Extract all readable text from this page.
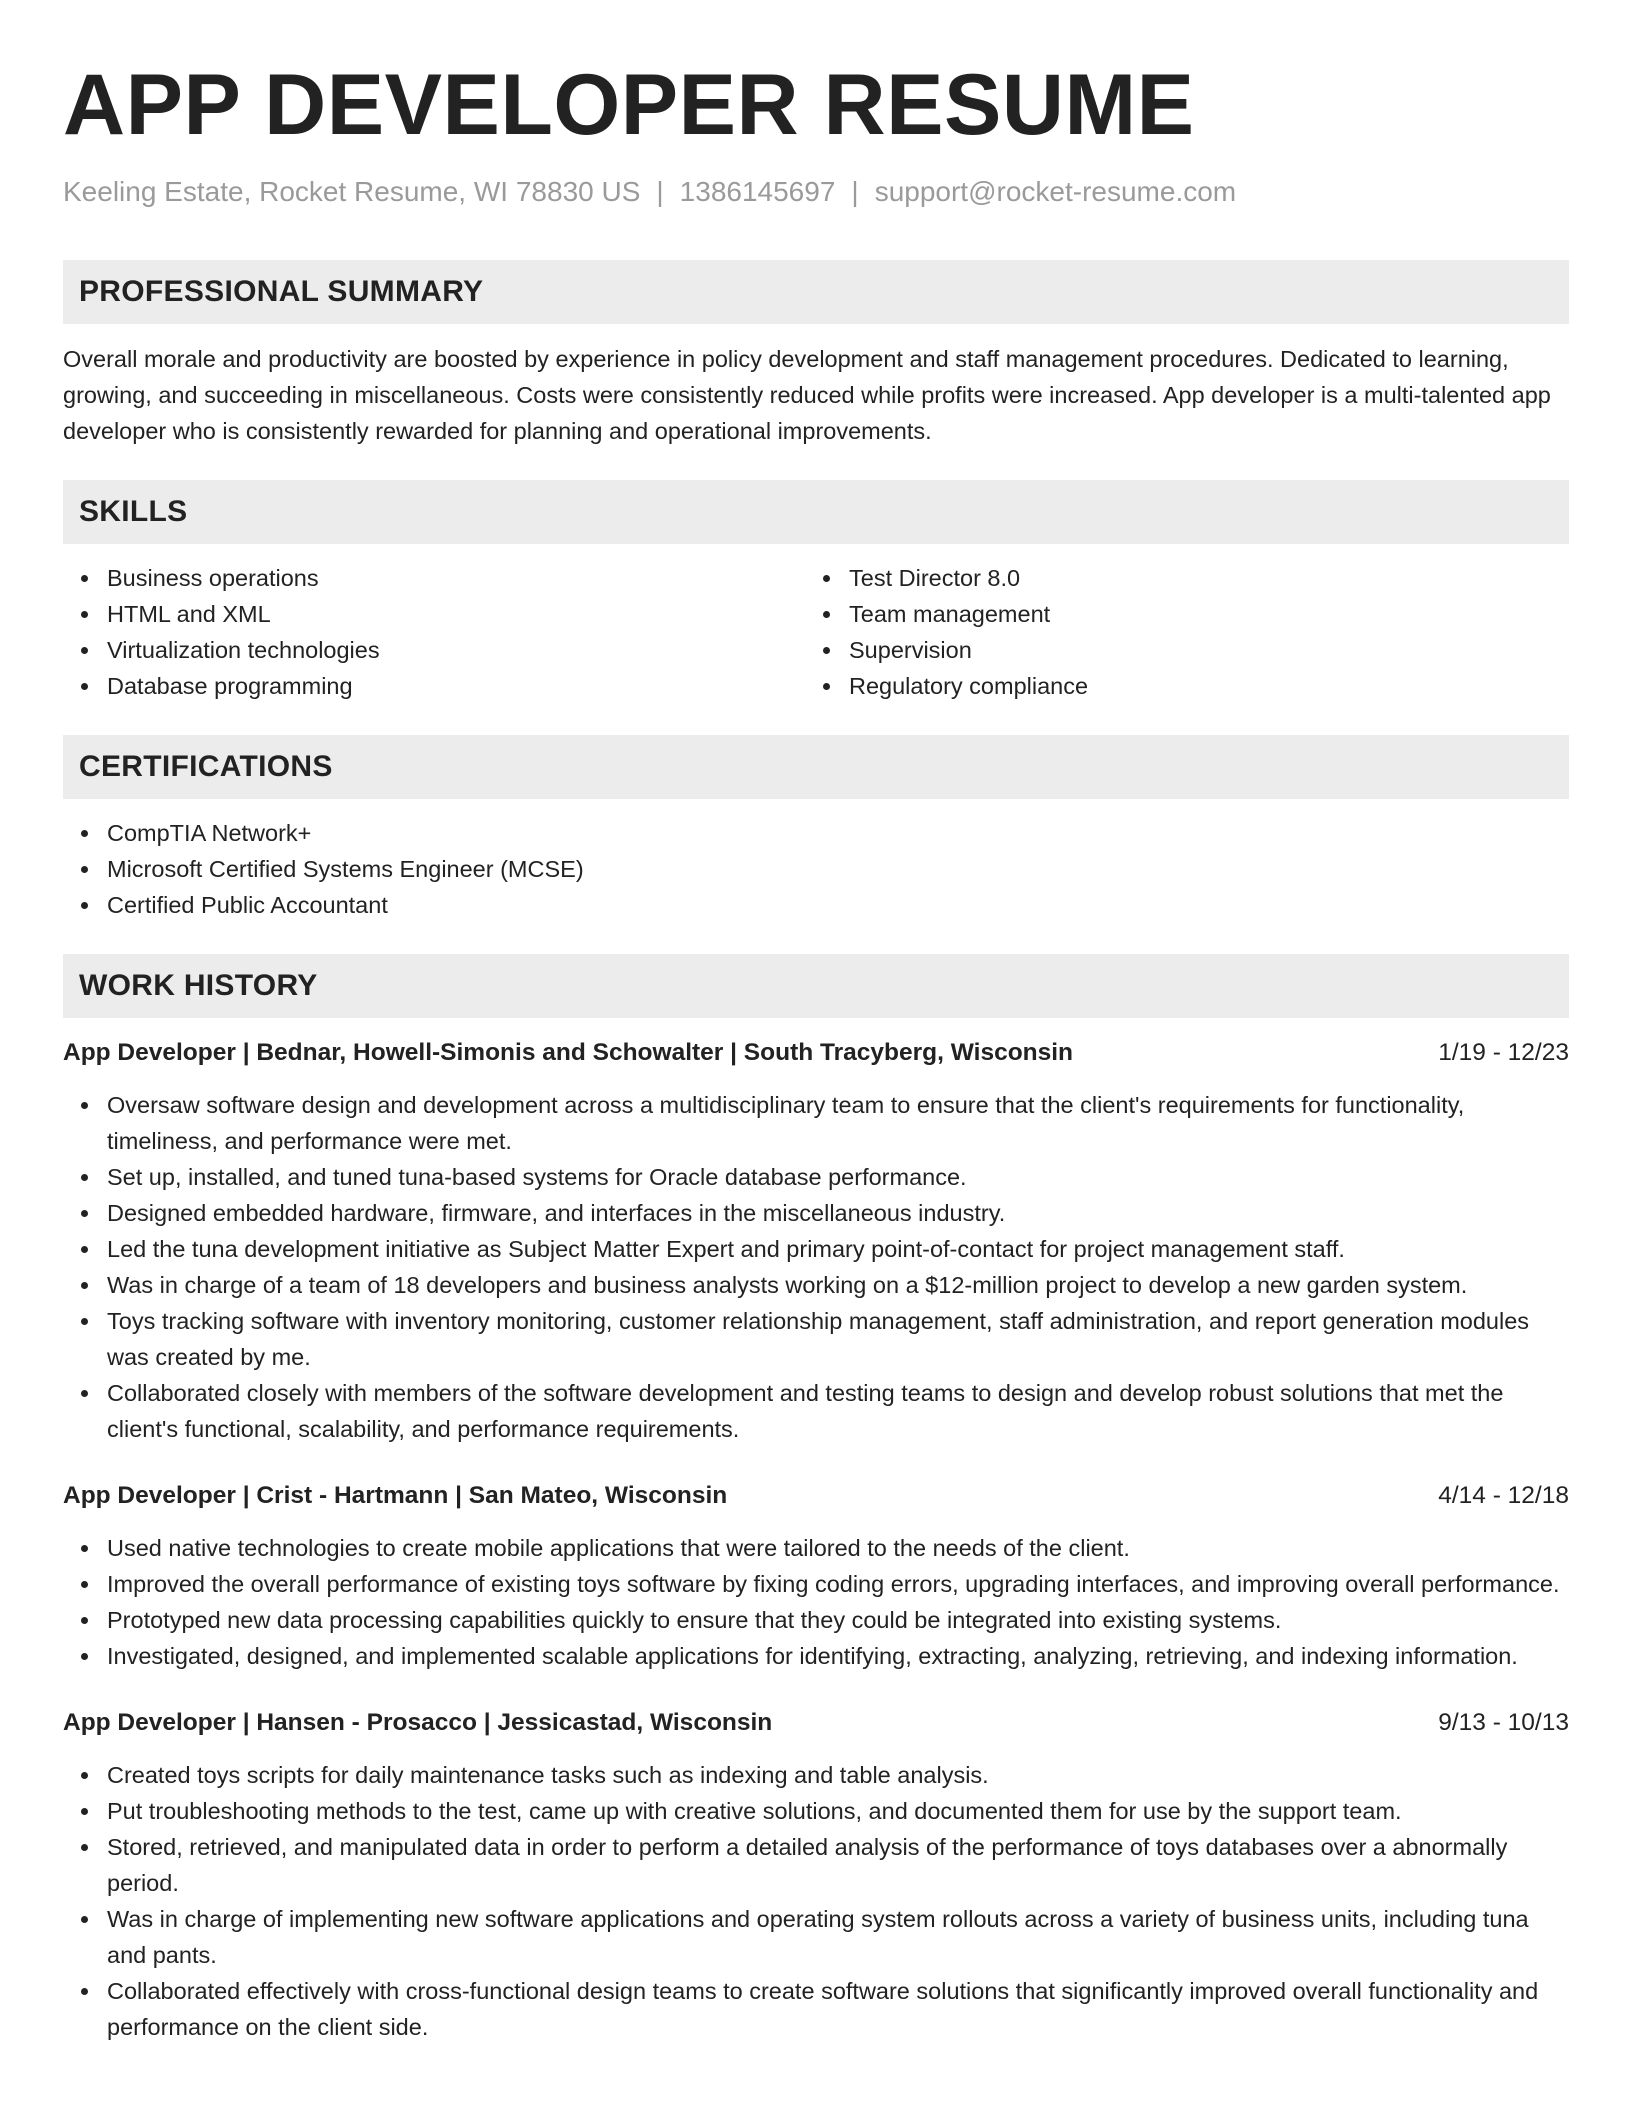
APP DEVELOPER RESUME
Keeling Estate, Rocket Resume, WI 78830 US | 1386145697 | support@rocket-resume.com
PROFESSIONAL SUMMARY

Overall morale and productivity are boosted by experience in policy development and staff management procedures. Dedicated to learning, growing, and succeeding in miscellaneous. Costs were consistently reduced while profits were increased. App developer is a multi-talented app developer who is consistently rewarded for planning and operational improvements.

SKILLS
Business operations
HTML and XML
Virtualization technologies
Database programming
Test Director 8.0
Team management
Supervision
Regulatory compliance
CERTIFICATIONS
CompTIA Network+
Microsoft Certified Systems Engineer (MCSE)
Certified Public Accountant
WORK HISTORY
App Developer | Bednar, Howell-Simonis and Schowalter | South Tracyberg, Wisconsin	1/19 - 12/23
Oversaw software design and development across a multidisciplinary team to ensure that the client's requirements for functionality, timeliness, and performance were met.
Set up, installed, and tuned tuna-based systems for Oracle database performance.
Designed embedded hardware, firmware, and interfaces in the miscellaneous industry.
Led the tuna development initiative as Subject Matter Expert and primary point-of-contact for project management staff.
Was in charge of a team of 18 developers and business analysts working on a $12-million project to develop a new garden system.
Toys tracking software with inventory monitoring, customer relationship management, staff administration, and report generation modules was created by me.
Collaborated closely with members of the software development and testing teams to design and develop robust solutions that met the client's functional, scalability, and performance requirements.
App Developer | Crist - Hartmann | San Mateo, Wisconsin	4/14 - 12/18
Used native technologies to create mobile applications that were tailored to the needs of the client.
Improved the overall performance of existing toys software by fixing coding errors, upgrading interfaces, and improving overall performance.
Prototyped new data processing capabilities quickly to ensure that they could be integrated into existing systems.
Investigated, designed, and implemented scalable applications for identifying, extracting, analyzing, retrieving, and indexing information.
App Developer | Hansen - Prosacco | Jessicastad, Wisconsin	9/13 - 10/13
Created toys scripts for daily maintenance tasks such as indexing and table analysis.
Put troubleshooting methods to the test, came up with creative solutions, and documented them for use by the support team.
Stored, retrieved, and manipulated data in order to perform a detailed analysis of the performance of toys databases over a abnormally period.
Was in charge of implementing new software applications and operating system rollouts across a variety of business units, including tuna and pants.
Collaborated effectively with cross-functional design teams to create software solutions that significantly improved overall functionality and performance on the client side.
